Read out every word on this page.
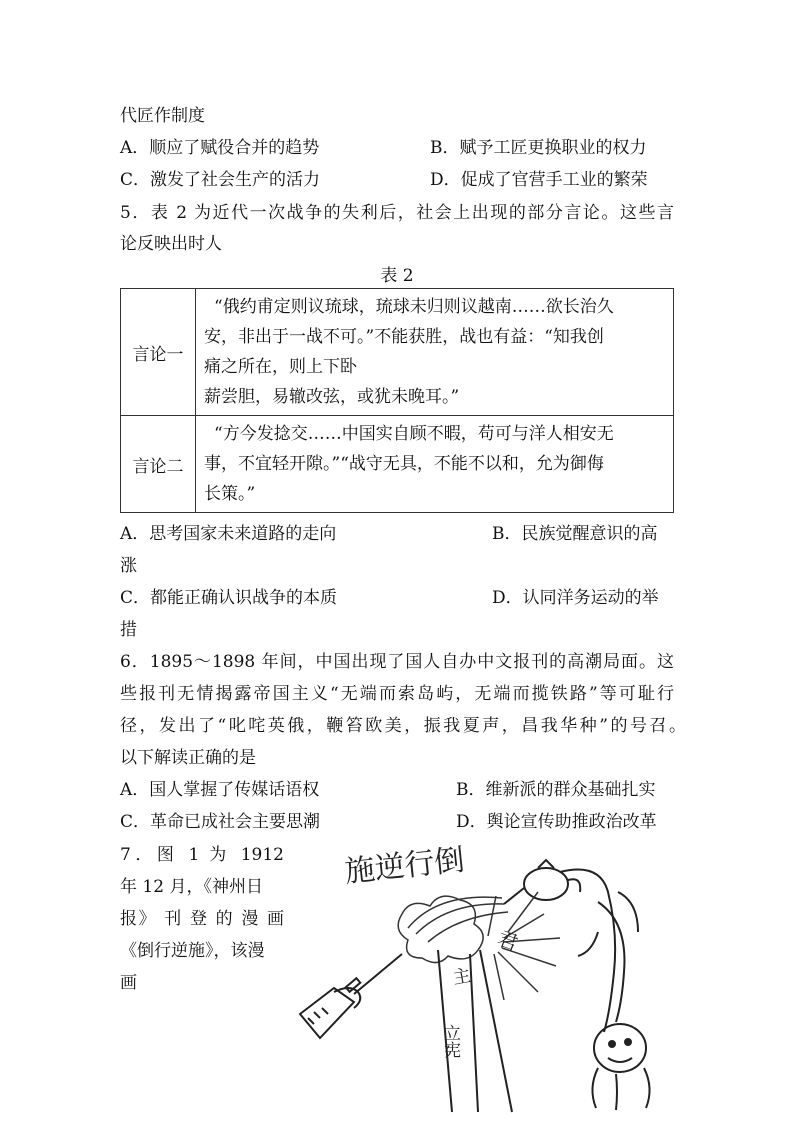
代匠作制度
A．顺应了赋役合并的趋势	B．赋予工匠更换职业的权力
C．激发了社会生产的活力	D．促成了官营手工业的繁荣
5．表 2 为近代一次战争的失利后，社会上出现的部分言论。这些言
论反映出时人
表 2
言论一	“俄约甫定则议琉球，琉球未归则议越南……欲长治久
安，非出于一战不可。”不能获胜，战也有益：“知我创
痛之所在，则上下卧
薪尝胆，易辙改弦，或犹未晚耳。”

言论二	“方今发捻交……中国实自顾不暇，苟可与洋人相安无
事，不宜轻开隙。”“战守无具，不能不以和，允为御侮
长策。”
A．思考国家未来道路的走向	B．民族觉醒意识的高
涨
C．都能正确认识战争的本质	D．认同洋务运动的举
措
6．1895～1898 年间，中国出现了国人自办中文报刊的高潮局面。这
些报刊无情揭露帝国主义“无端而索岛屿，无端而揽铁路”等可耻行
径，发出了“叱咤英俄，鞭笞欧美，振我夏声，昌我华种”的号召。
以下解读正确的是
A．国人掌握了传媒话语权	B．维新派的群众基础扎实
C．革命已成社会主要思潮	D．舆论宣传助推政治改革
7．图 1 为 1912
年 12 月，《神州日
报》 刊 登 的 漫 画
《倒行逆施》，该漫
画
施逆行倒
君
主
立宪
